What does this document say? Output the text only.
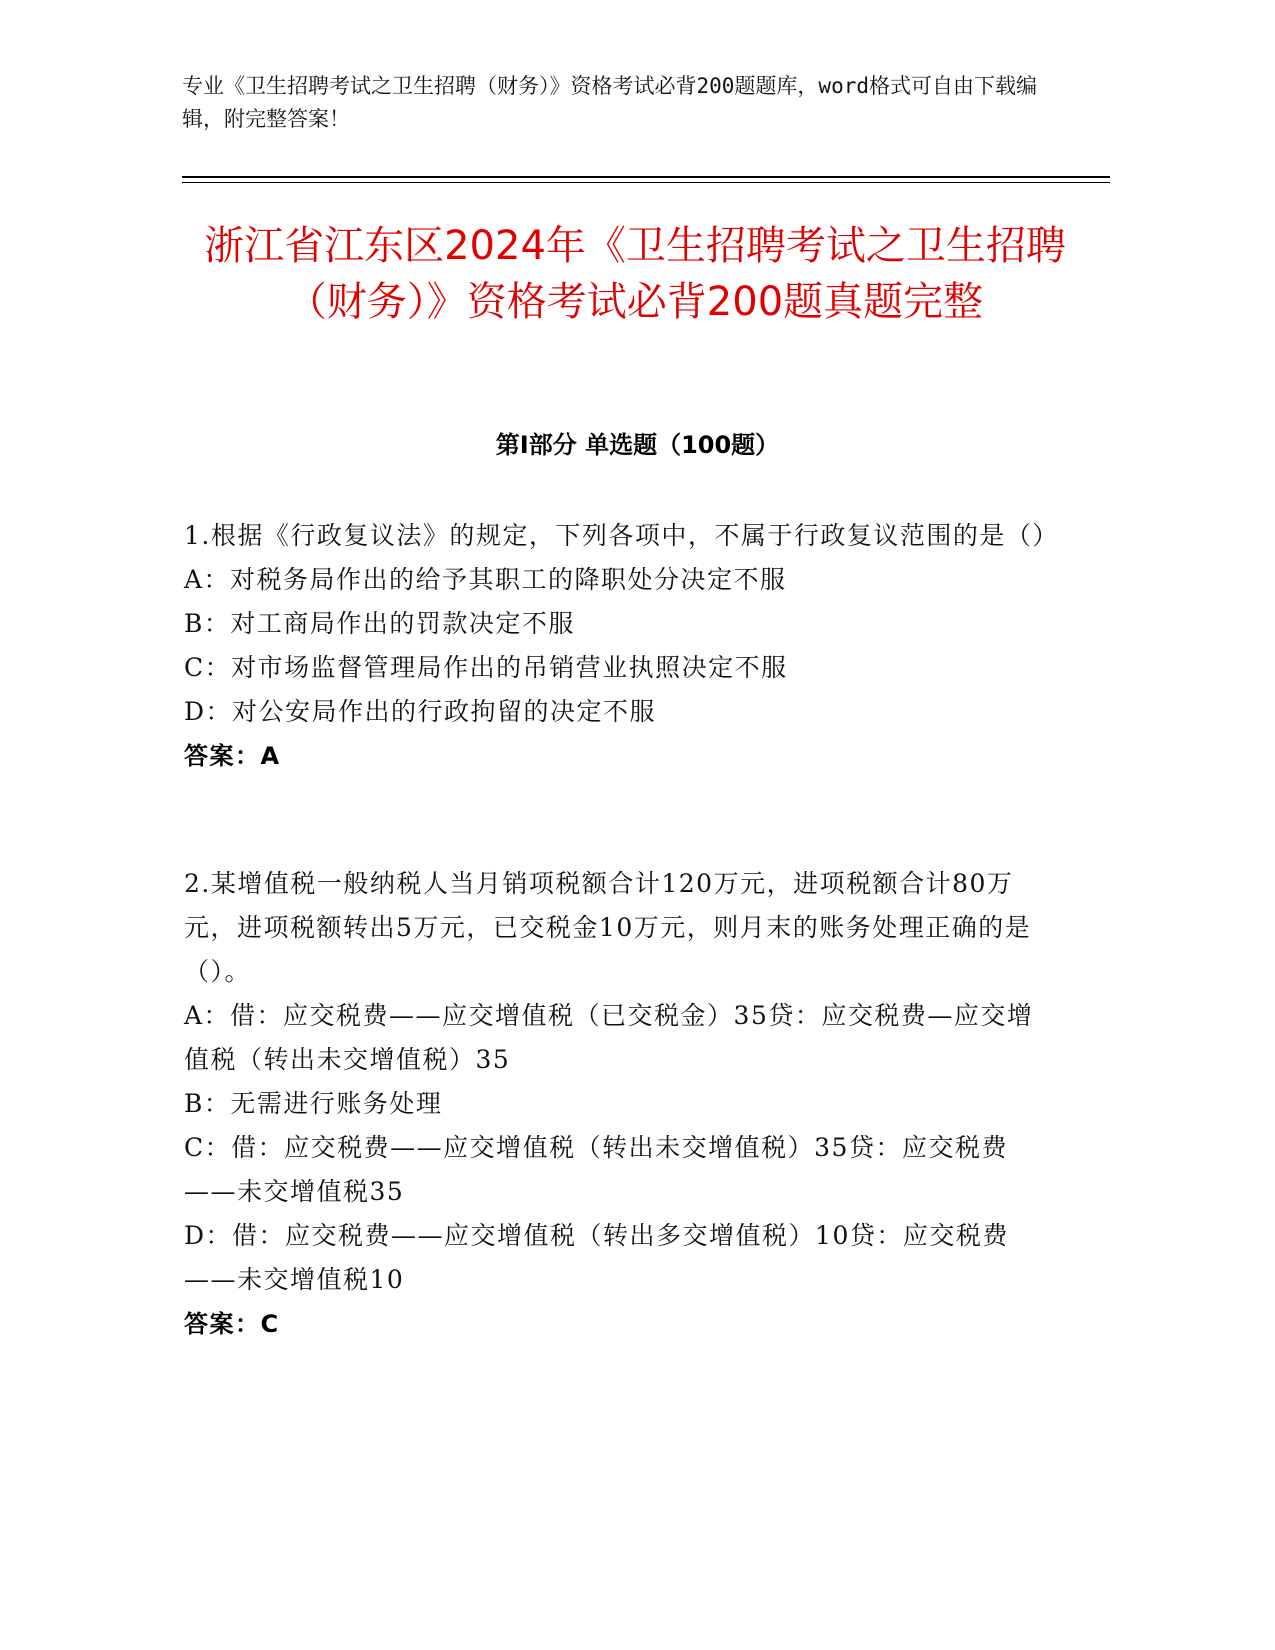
专业《卫生招聘考试之卫生招聘（财务）》资格考试必背200题题库，word格式可自由下载编辑，附完整答案！
浙江省江东区2024年《卫生招聘考试之卫生招聘（财务）》资格考试必背200题真题完整
第I部分 单选题（100题）

1.根据《行政复议法》的规定，下列各项中，不属于行政复议范围的是（）

A：对税务局作出的给予其职工的降职处分决定不服

B：对工商局作出的罚款决定不服

C：对市场监督管理局作出的吊销营业执照决定不服

D：对公安局作出的行政拘留的决定不服

答案：A

2.某增值税一般纳税人当月销项税额合计120万元，进项税额合计80万元，进项税额转出5万元，已交税金10万元，则月末的账务处理正确的是（）。

A：借：应交税费——应交增值税（已交税金）35贷：应交税费—应交增值税（转出未交增值税）35

B：无需进行账务处理

C：借：应交税费——应交增值税（转出未交增值税）35贷：应交税费——未交增值税35

D：借：应交税费——应交增值税（转出多交增值税）10贷：应交税费——未交增值税10

答案：C
